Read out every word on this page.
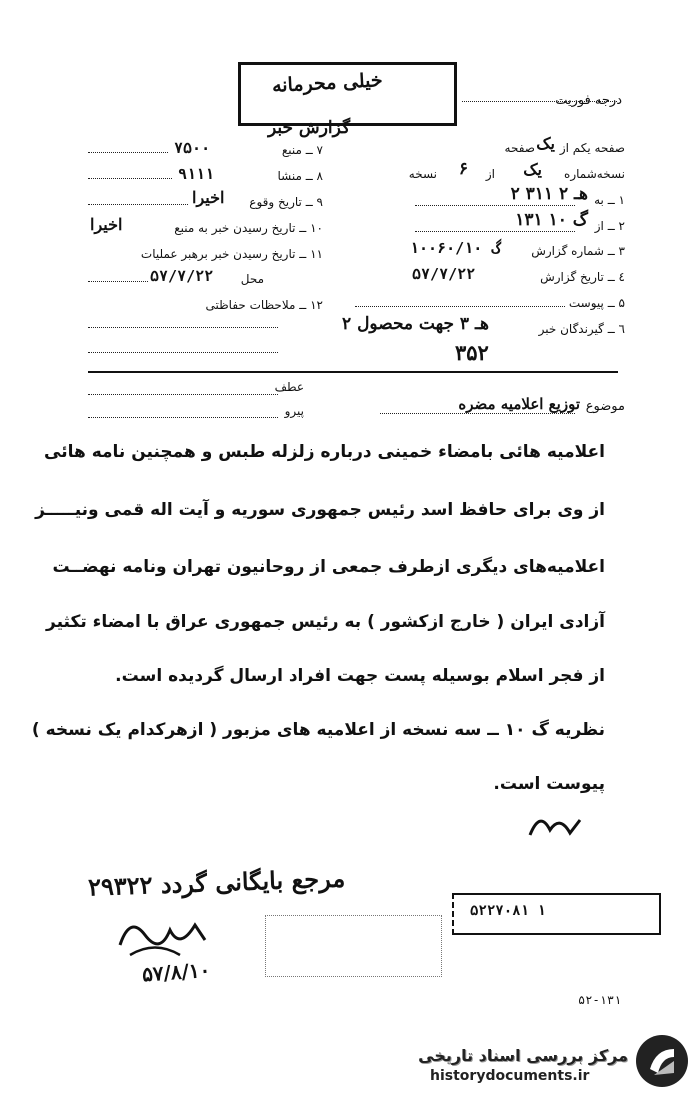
خیلی محرمانه
گزارش خبر
درجه فوریت
صفحه یکم از
یک
صفحه
نسخه‌شماره
یک
از
۶
نسخه
۱ ــ به
۲ هـ ۲ ۳۱۱
۲ ــ از
گ ۱۰ ۱۳۱
۳ ــ شماره گزارش
۱۰۰۶۰/گ ۱۰
٤ ــ تاریخ گزارش
۵۷/۷/۲۲
۵ ــ پیوست
٦ ــ گیرندگان خبر
۲ هـ ۳ جهت محصول
۳۵۲
۷ ــ منبع
۷۵۰۰
۸ ــ منشا
۹۱۱۱
۹ ــ تاریخ وقوع
اخیرا
۱۰ ــ تاریخ رسیدن خبر به منبع
اخیرا
۱۱ ــ تاریخ رسیدن خبر برهبر عملیات
محل
۵۷/۷/۲۲
۱۲ ــ ملاحظات حفاظتی
عطف
پیرو	موضوع
توزیع اعلامیه مضره
اعلامیه هائی بامضاء خمینی درباره زلزله طبس و همچنین نامه هائی
از وی برای حافظ اسد رئیس جمهوری سوریه و آیت اله قمی ونیـــــز
اعلامیه‌های دیگری ازطرف جمعی از روحانیون تهران ونامه نهضــت
آزادی ایران ( خارج ازکشور ) به رئیس جمهوری عراق با امضاء تکثیر
از فجر اسلام بوسیله پست جهت افراد ارسال گردیده است.
نظریه گ ۱۰ ــ سه نسخه از اعلامیه های مزبور ( ازهرکدام یک نسخه )
پیوست است.
۲۹۳۲۲ مرجع بایگانی گردد
۵۷/۸/۱۰
۵۲۲۷۰۸۱ ۱
۵۲-۱۳۱
مرکز بررسی اسناد تاریخی
historydocuments.ir
